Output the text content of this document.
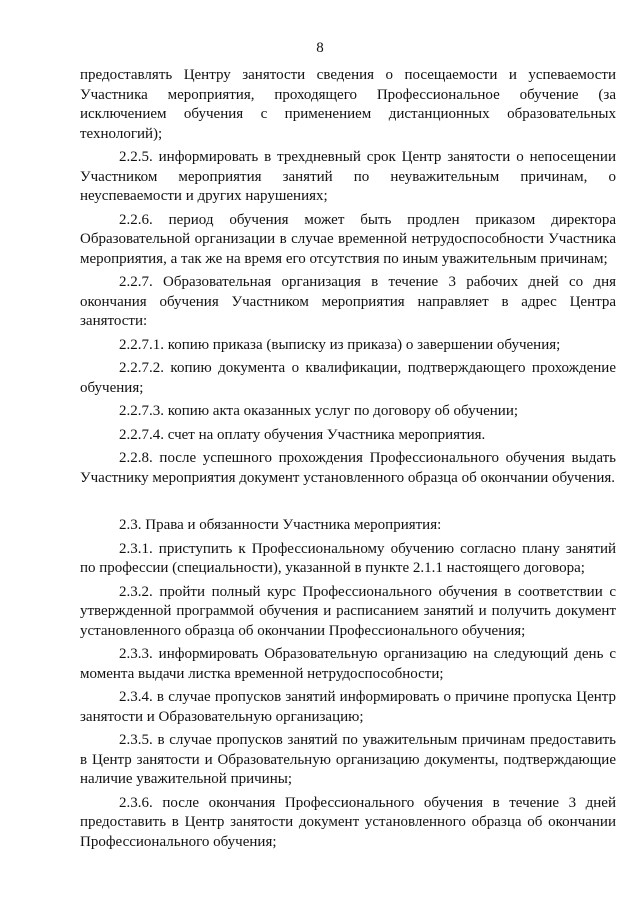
8

предоставлять Центру занятости сведения о посещаемости и успеваемости Участника мероприятия, проходящего Профессиональное обучение (за исключением обучения с применением дистанционных образовательных технологий);

2.2.5. информировать в трехдневный срок Центр занятости о непосещении Участником мероприятия занятий по неуважительным причинам, о неуспеваемости и других нарушениях;

2.2.6. период обучения может быть продлен приказом директора Образовательной организации в случае временной нетрудоспособности Участника мероприятия, а так же на время его отсутствия по иным уважительным причинам;

2.2.7. Образовательная организация в течение 3 рабочих дней со дня окончания обучения Участником мероприятия направляет в адрес Центра занятости:

2.2.7.1. копию приказа (выписку из приказа) о завершении обучения;

2.2.7.2. копию документа о квалификации, подтверждающего прохождение обучения;

2.2.7.3. копию акта оказанных услуг по договору об обучении;

2.2.7.4. счет на оплату обучения Участника мероприятия.

2.2.8. после успешного прохождения Профессионального обучения выдать Участнику мероприятия документ установленного образца об окончании обучения.

2.3. Права и обязанности Участника мероприятия:

2.3.1. приступить к Профессиональному обучению согласно плану занятий по профессии (специальности), указанной в пункте 2.1.1 настоящего договора;

2.3.2. пройти полный курс Профессионального обучения в соответствии с утвержденной программой обучения и расписанием занятий и получить документ установленного образца об окончании Профессионального обучения;

2.3.3. информировать Образовательную организацию на следующий день с момента выдачи листка временной нетрудоспособности;

2.3.4. в случае пропусков занятий информировать о причине пропуска Центр занятости и Образовательную организацию;

2.3.5. в случае пропусков занятий по уважительным причинам предоставить в Центр занятости и Образовательную организацию документы, подтверждающие наличие уважительной причины;

2.3.6. после окончания Профессионального обучения в течение 3 дней предоставить в Центр занятости документ установленного образца об окончании Профессионального обучения;
